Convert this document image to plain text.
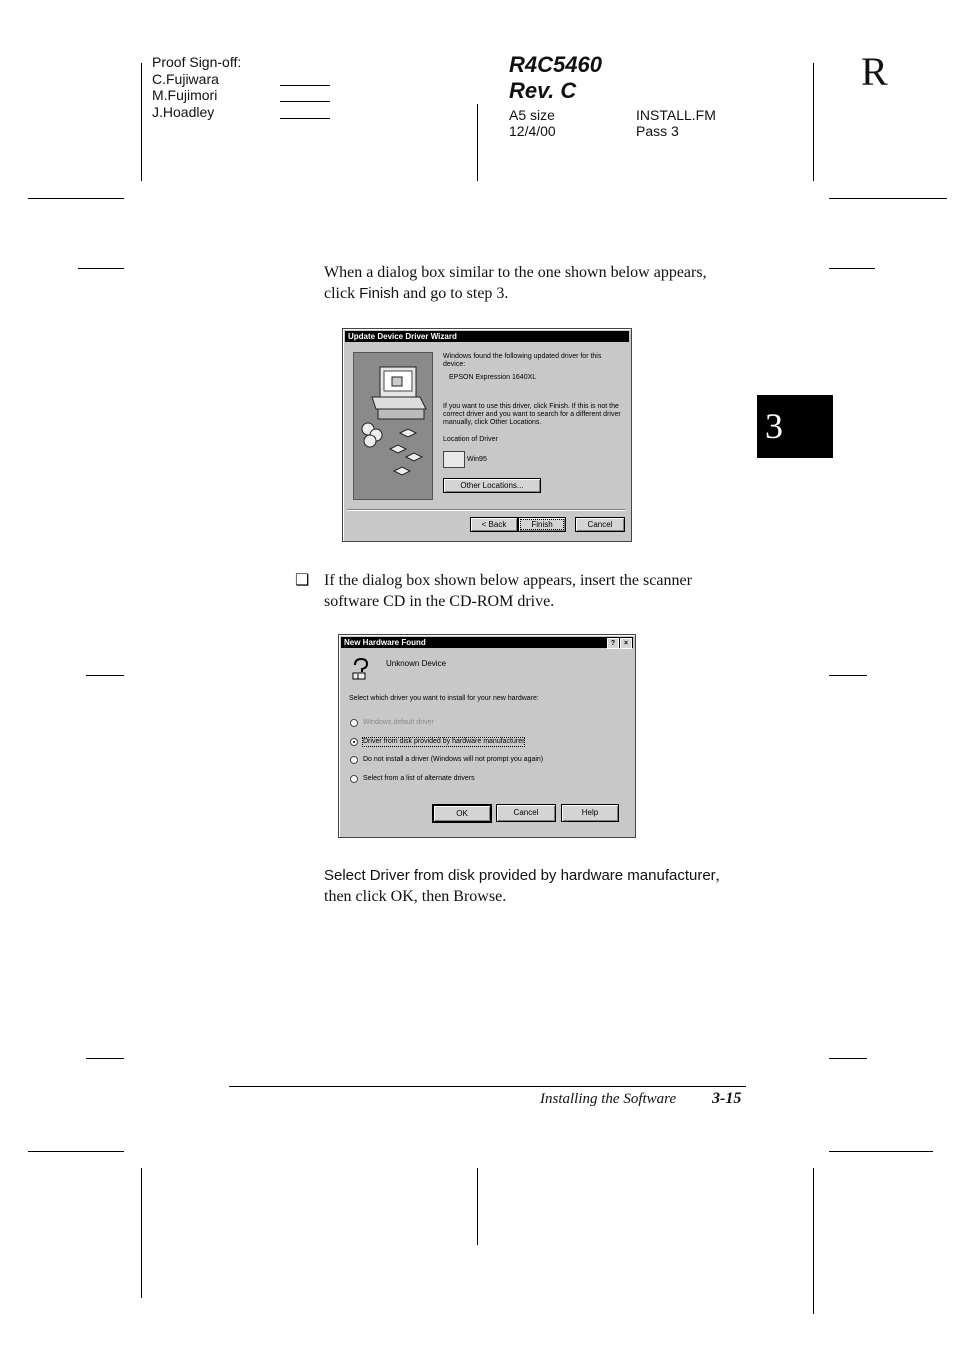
Proof Sign-off:
C.Fujiwara
M.Fujimori
J.Hoadley
R4C5460
Rev. C
A5 size
12/4/00
INSTALL.FM
Pass 3
R
3
When a dialog box similar to the one shown below appears, click Finish and go to step 3.
Update Device Driver Wizard
Windows found the following updated driver for this device:
EPSON Expression 1640XL
If you want to use this driver, click Finish. If this is not the correct driver and you want to search for a different driver manually, click Other Locations.
Location of Driver
Win95
Other Locations...
< Back	Finish	Cancel
❏ If the dialog box shown below appears, insert the scanner software CD in the CD-ROM drive.
New Hardware Found	?	×
Unknown Device
Select which driver you want to install for your new hardware:
Windows default driver
Driver from disk provided by hardware manufacturer
Do not install a driver (Windows will not prompt you again)
Select from a list of alternate drivers
OK	Cancel	Help
Select Driver from disk provided by hardware manufacturer, then click OK, then Browse.
Installing the Software 3-15
